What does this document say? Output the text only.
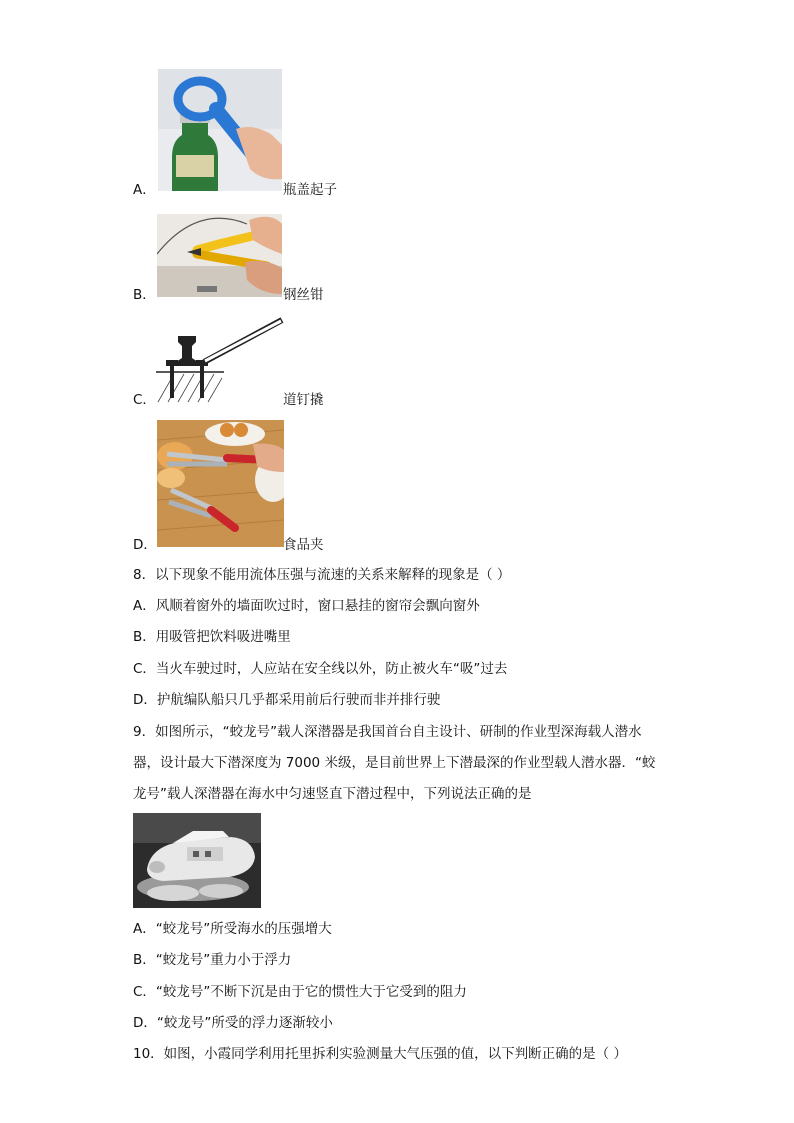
A．	瓶盖起子
B．	钢丝钳
C．	道钉撬
D．	食品夹
8．以下现象不能用流体压强与流速的关系来解释的现象是（ ）
A．风顺着窗外的墙面吹过时，窗口悬挂的窗帘会飘向窗外
B．用吸管把饮料吸进嘴里
C．当火车驶过时，人应站在安全线以外，防止被火车“吸”过去
D．护航编队船只几乎都采用前后行驶而非并排行驶
9．如图所示，“蛟龙号”载人深潜器是我国首台自主设计、研制的作业型深海载人潜水
器，设计最大下潜深度为 7000 米级，是目前世界上下潜最深的作业型载人潜水器．“蛟
龙号”载人深潜器在海水中匀速竖直下潜过程中，下列说法正确的是
A．“蛟龙号”所受海水的压强增大
B．“蛟龙号”重力小于浮力
C．“蛟龙号”不断下沉是由于它的惯性大于它受到的阻力
D．“蛟龙号”所受的浮力逐渐较小
10．如图，小霞同学利用托里拆利实验测量大气压强的值，以下判断正确的是（ ）
